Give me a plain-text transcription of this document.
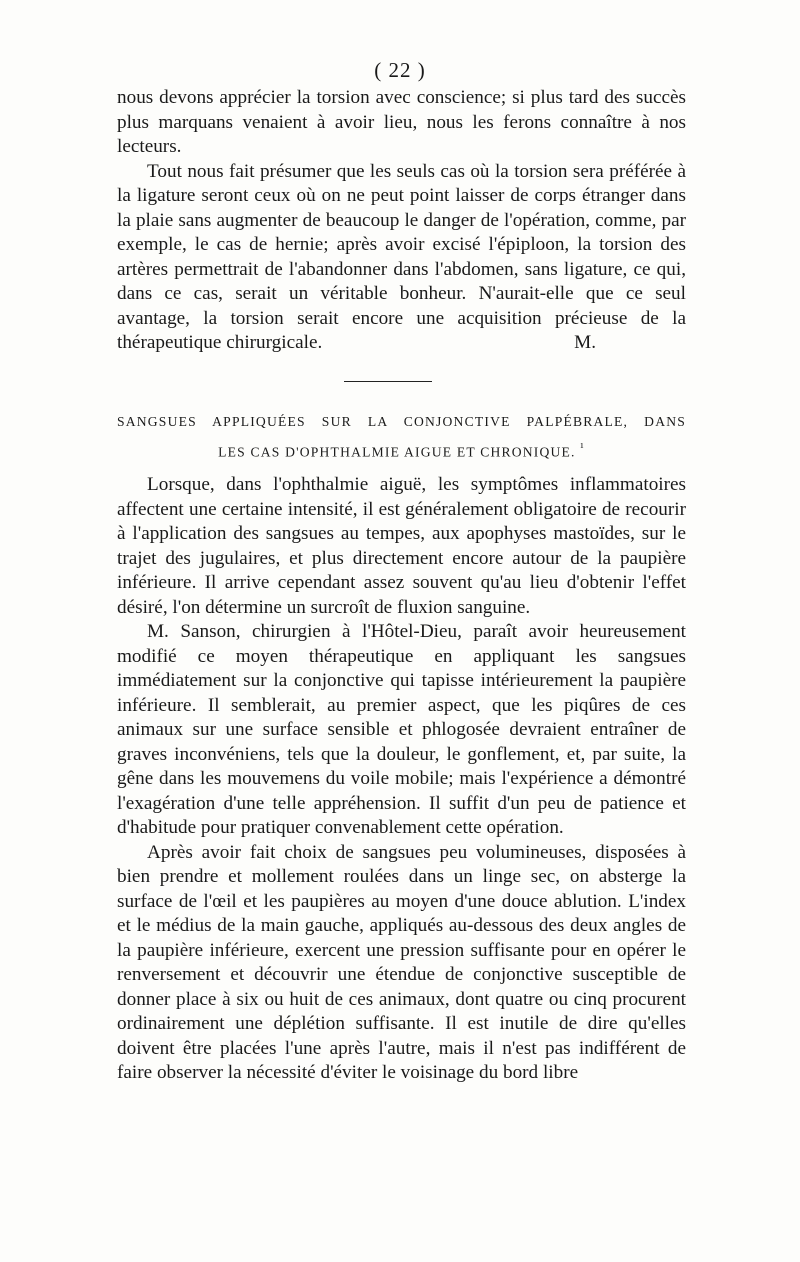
( 22 )

nous devons apprécier la torsion avec conscience; si plus tard des succès plus marquans venaient à avoir lieu, nous les ferons connaître à nos lecteurs.

Tout nous fait présumer que les seuls cas où la torsion sera préférée à la ligature seront ceux où on ne peut point laisser de corps étranger dans la plaie sans augmenter de beaucoup le danger de l'opération, comme, par exemple, le cas de hernie; après avoir excisé l'épiploon, la torsion des artères permettrait de l'abandonner dans l'abdomen, sans ligature, ce qui, dans ce cas, serait un véritable bonheur. N'aurait-elle que ce seul avantage, la torsion serait encore une acquisition précieuse de la thérapeutique chirurgicale.	M.

SANGSUES APPLIQUÉES SUR LA CONJONCTIVE PALPÉBRALE, DANS
LES CAS D'OPHTHALMIE AIGUE ET CHRONIQUE. $^{^1}$

Lorsque, dans l'ophthalmie aiguë, les symptômes inflammatoires affectent une certaine intensité, il est généralement obligatoire de recourir à l'application des sangsues au tempes, aux apophyses mastoïdes, sur le trajet des jugulaires, et plus directement encore autour de la paupière inférieure. Il arrive cependant assez souvent qu'au lieu d'obtenir l'effet désiré, l'on détermine un surcroît de fluxion sanguine.

M. Sanson, chirurgien à l'Hôtel-Dieu, paraît avoir heureusement modifié ce moyen thérapeutique en appliquant les sangsues immédiatement sur la conjonctive qui tapisse intérieurement la paupière inférieure. Il semblerait, au premier aspect, que les piqûres de ces animaux sur une surface sensible et phlogosée devraient entraîner de graves inconvéniens, tels que la douleur, le gonflement, et, par suite, la gêne dans les mouvemens du voile mobile; mais l'expérience a démontré l'exagération d'une telle appréhension. Il suffit d'un peu de patience et d'habitude pour pratiquer convenablement cette opération.

Après avoir fait choix de sangsues peu volumineuses, disposées à bien prendre et mollement roulées dans un linge sec, on absterge la surface de l'œil et les paupières au moyen d'une douce ablution. L'index et le médius de la main gauche, appliqués au-dessous des deux angles de la paupière inférieure, exercent une pression suffisante pour en opérer le renversement et découvrir une étendue de conjonctive susceptible de donner place à six ou huit de ces animaux, dont quatre ou cinq procurent ordinairement une déplétion suffisante. Il est inutile de dire qu'elles doivent être placées l'une après l'autre, mais il n'est pas indifférent de faire observer la nécessité d'éviter le voisinage du bord libre
